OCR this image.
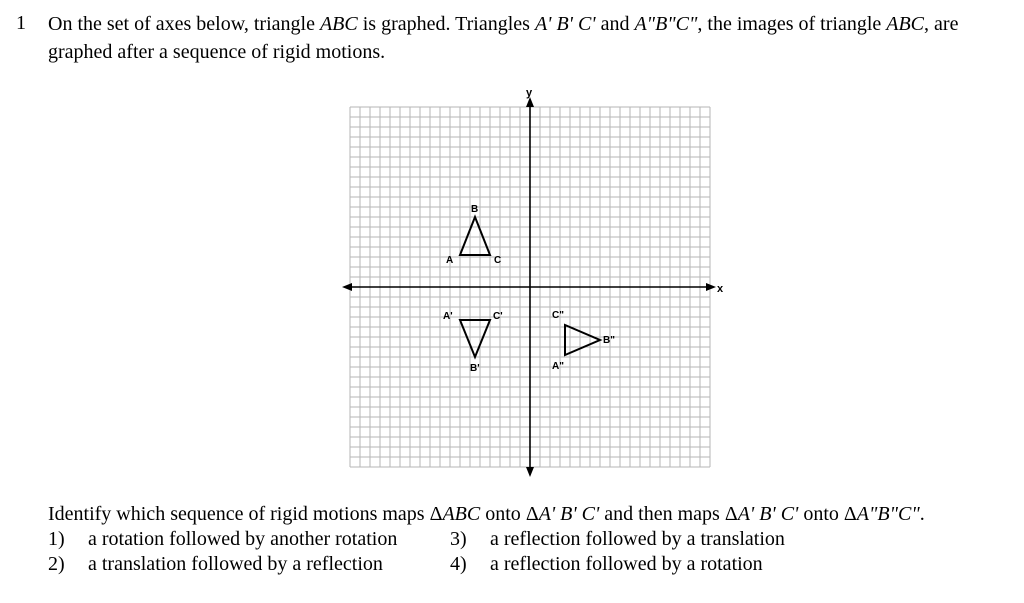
1 On the set of axes below, triangle ABC is graphed. Triangles A' B' C' and A"B"C", the images of triangle ABC, are graphed after a sequence of rigid motions.
y
x
A
B
C
A'
B'
C'
A"
B"
C"
Identify which sequence of rigid motions maps ΔABC onto ΔA' B' C' and then maps ΔA' B' C' onto ΔA"B"C".
1) a rotation followed by another rotation
2) a translation followed by a reflection
3) a reflection followed by a translation
4) a reflection followed by a rotation
